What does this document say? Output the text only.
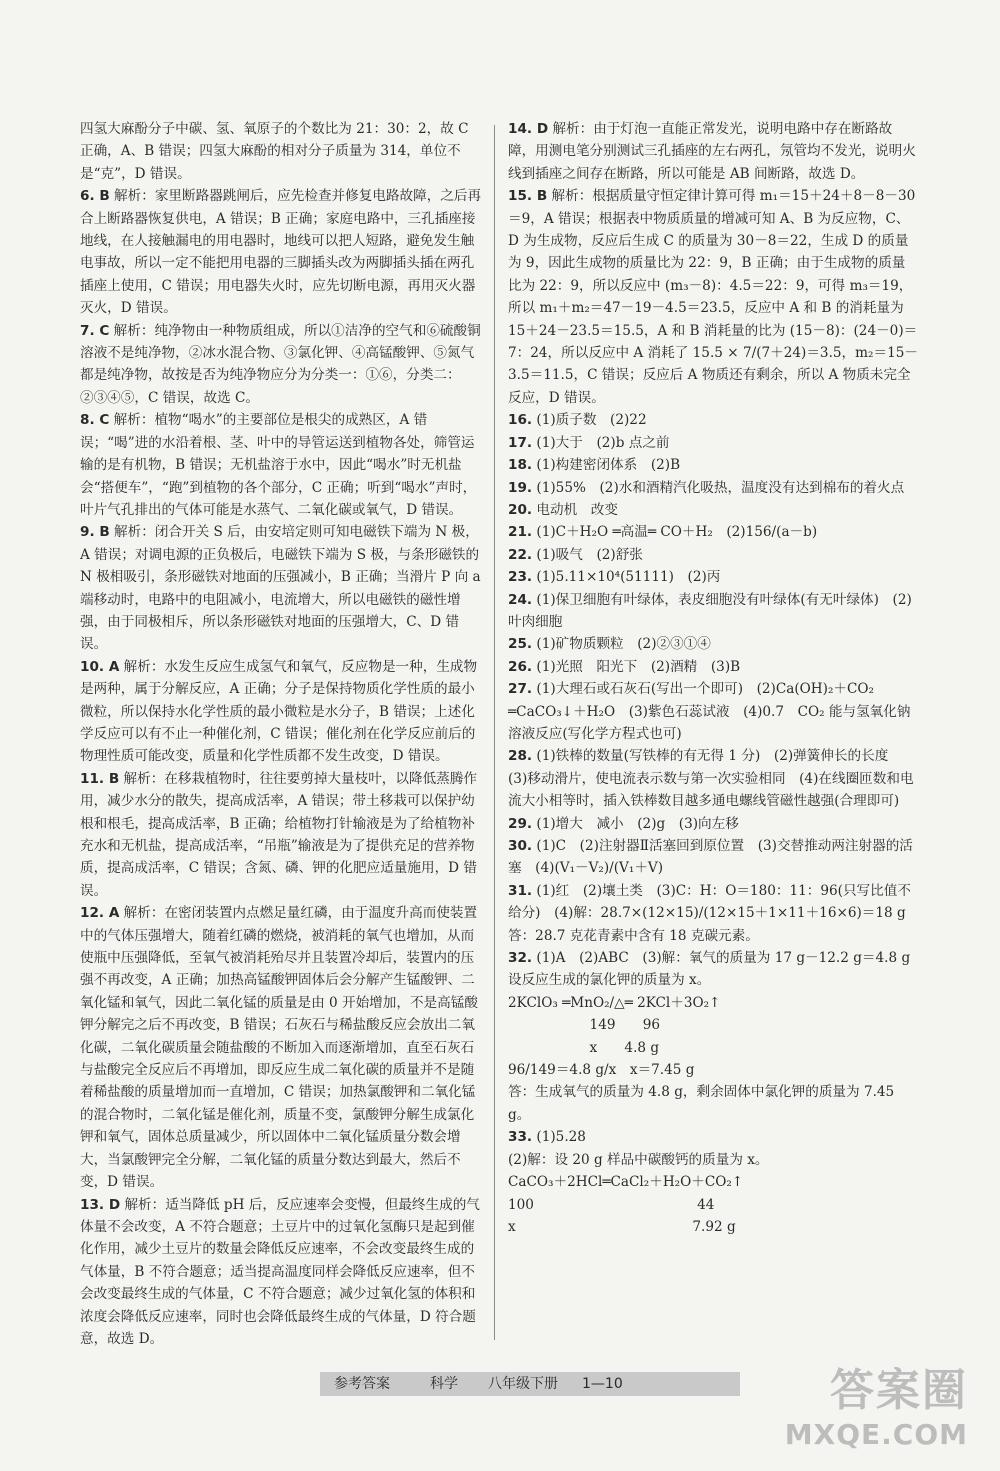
四氢大麻酚分子中碳、氢、氧原子的个数比为 21：30：2，故 C 正确，A、B 错误；四氢大麻酚的相对分子质量为 314，单位不是“克”，D 错误。

6. B 解析：家里断路器跳闸后，应先检查并修复电路故障，之后再合上断路器恢复供电，A 错误；B 正确；家庭电路中，三孔插座接地线，在人接触漏电的用电器时，地线可以把人短路，避免发生触电事故，所以一定不能把用电器的三脚插头改为两脚插头插在两孔插座上使用，C 错误；用电器失火时，应先切断电源，再用灭火器灭火，D 错误。

7. C 解析：纯净物由一种物质组成，所以①洁净的空气和⑥硫酸铜溶液不是纯净物，②冰水混合物、③氯化钾、④高锰酸钾、⑤氮气都是纯净物，故按是否为纯净物应分为分类一：①⑥，分类二：②③④⑤，C 错误，故选 C。

8. C 解析：植物“喝水”的主要部位是根尖的成熟区，A 错误；“喝”进的水沿着根、茎、叶中的导管运送到植物各处，筛管运输的是有机物，B 错误；无机盐溶于水中，因此“喝水”时无机盐会“搭便车”，“跑”到植物的各个部分，C 正确；听到“喝水”声时，叶片气孔排出的气体可能是水蒸气、二氧化碳或氧气，D 错误。

9. B 解析：闭合开关 S 后，由安培定则可知电磁铁下端为 N 极，A 错误；对调电源的正负极后，电磁铁下端为 S 极，与条形磁铁的 N 极相吸引，条形磁铁对地面的压强减小，B 正确；当滑片 P 向 a 端移动时，电路中的电阻减小，电流增大，所以电磁铁的磁性增强，由于同极相斥，所以条形磁铁对地面的压强增大，C、D 错误。

10. A 解析：水发生反应生成氢气和氧气，反应物是一种，生成物是两种，属于分解反应，A 正确；分子是保持物质化学性质的最小微粒，所以保持水化学性质的最小微粒是水分子，B 错误；上述化学反应可以有不止一种催化剂，C 错误；催化剂在化学反应前后的物理性质可能改变，质量和化学性质都不发生改变，D 错误。

11. B 解析：在移栽植物时，往往要剪掉大量枝叶，以降低蒸腾作用，减少水分的散失，提高成活率，A 错误；带土移栽可以保护幼根和根毛，提高成活率，B 正确；给植物打针输液是为了给植物补充水和无机盐，提高成活率，“吊瓶”输液是为了提供充足的营养物质，提高成活率，C 错误；含氮、磷、钾的化肥应适量施用，D 错误。

12. A 解析：在密闭装置内点燃足量红磷，由于温度升高而使装置中的气体压强增大，随着红磷的燃烧，被消耗的氧气也增加，从而使瓶中压强降低，至氧气被消耗殆尽并且装置冷却后，装置内的压强不再改变，A 正确；加热高锰酸钾固体后会分解产生锰酸钾、二氧化锰和氧气，因此二氧化锰的质量是由 0 开始增加，不是高锰酸钾分解完之后不再改变，B 错误；石灰石与稀盐酸反应会放出二氧化碳，二氧化碳质量会随盐酸的不断加入而逐渐增加，直至石灰石与盐酸完全反应后不再增加，即反应生成二氧化碳的质量并不是随着稀盐酸的质量增加而一直增加，C 错误；加热氯酸钾和二氧化锰的混合物时，二氧化锰是催化剂，质量不变，氯酸钾分解生成氯化钾和氧气，固体总质量减少，所以固体中二氧化锰质量分数会增大，当氯酸钾完全分解，二氧化锰的质量分数达到最大，然后不变，D 错误。

13. D 解析：适当降低 pH 后，反应速率会变慢，但最终生成的气体量不会改变，A 不符合题意；土豆片中的过氧化氢酶只是起到催化作用，减少土豆片的数量会降低反应速率，不会改变最终生成的气体量，B 不符合题意；适当提高温度同样会降低反应速率，但不会改变最终生成的气体量，C 不符合题意；减少过氧化氢的体积和浓度会降低反应速率，同时也会降低最终生成的气体量，D 符合题意，故选 D。

14. D 解析：由于灯泡一直能正常发光，说明电路中存在断路故障，用测电笔分别测试三孔插座的左右两孔，氖管均不发光，说明火线到插座之间存在断路，所以可能是 AB 间断路，故选 D。

15. B 解析：根据质量守恒定律计算可得 m₁＝15＋24＋8－8－30＝9，A 错误；根据表中物质质量的增减可知 A、B 为反应物，C、D 为生成物，反应后生成 C 的质量为 30－8＝22，生成 D 的质量为 9，因此生成物的质量比为 22：9，B 正确；由于生成物的质量比为 22：9，所以反应中 (m₃－8)：4.5＝22：9，可得 m₃＝19，所以 m₁＋m₂＝47－19－4.5＝23.5，反应中 A 和 B 的消耗量为 15＋24－23.5＝15.5，A 和 B 消耗量的比为 (15－8)：(24－0)＝7：24，所以反应中 A 消耗了 15.5 × 7/(7＋24)＝3.5，m₂＝15－3.5＝11.5，C 错误；反应后 A 物质还有剩余，所以 A 物质未完全反应，D 错误。

16. (1)质子数　(2)22

17. (1)大于　(2)b 点之前

18. (1)构建密闭体系　(2)B

19. (1)55%　(2)水和酒精汽化吸热，温度没有达到棉布的着火点

20. 电动机　改变

21. (1)C＋H₂O ═高温═ CO＋H₂　(2)156/(a－b)

22. (1)吸气　(2)舒张

23. (1)5.11×10⁴(51111)　(2)丙

24. (1)保卫细胞有叶绿体，表皮细胞没有叶绿体(有无叶绿体)　(2)叶肉细胞

25. (1)矿物质颗粒　(2)②③①④

26. (1)光照　阳光下　(2)酒精　(3)B

27. (1)大理石或石灰石(写出一个即可)　(2)Ca(OH)₂＋CO₂ ═CaCO₃↓＋H₂O　(3)紫色石蕊试液　(4)0.7　CO₂ 能与氢氧化钠溶液反应(写化学方程式也可)

28. (1)铁棒的数量(写铁棒的有无得 1 分)　(2)弹簧伸长的长度　(3)移动滑片，使电流表示数与第一次实验相同　(4)在线圈匝数和电流大小相等时，插入铁棒数目越多通电螺线管磁性越强(合理即可)

29. (1)增大　减小　(2)g　(3)向左移

30. (1)C　(2)注射器Ⅱ活塞回到原位置　(3)交替推动两注射器的活塞　(4)(V₁－V₂)/(V₁＋V)

31. (1)红　(2)壤土类　(3)C：H：O＝180：11：96(只写比值不给分)　(4)解：28.7×(12×15)/(12×15＋1×11＋16×6)＝18 g
答：28.7 克花青素中含有 18 克碳元素。

32. (1)A　(2)ABC　(3)解：氧气的质量为 17 g－12.2 g＝4.8 g
设反应生成的氯化钾的质量为 x。
2KClO₃ ═MnO₂/△═ 2KCl＋3O₂↑
　　　　　　149　　96
　　　　　　x　　4.8 g
96/149＝4.8 g/x　x＝7.45 g
答：生成氧气的质量为 4.8 g，剩余固体中氯化钾的质量为 7.45 g。

33. (1)5.28
(2)解：设 20 g 样品中碳酸钙的质量为 x。
CaCO₃＋2HCl═CaCl₂＋H₂O＋CO₂↑
100　　　　　　　　　　　　44
x　　　　　　　　　　　　　7.92 g

参考答案	科学 八年级下册 1—10	答案圈
MXQE.COM
